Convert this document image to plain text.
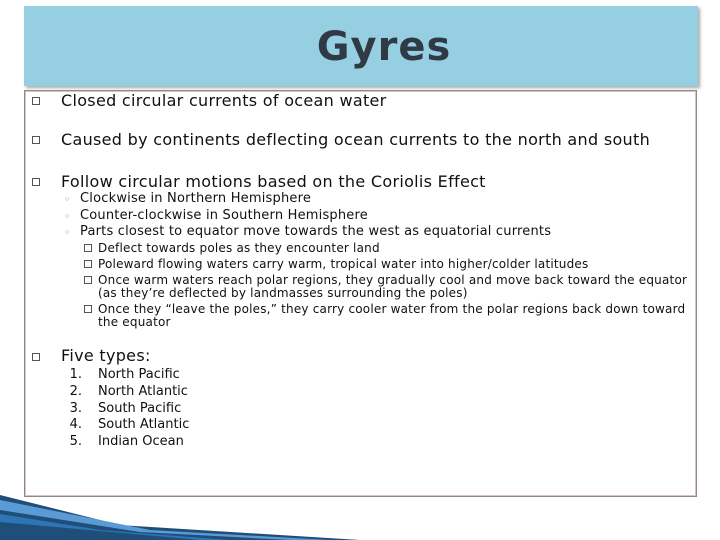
Gyres
Closed circular currents of ocean water
Caused by continents deflecting ocean currents to the north and south
Follow circular motions based on the Coriolis Effect
◦ Clockwise in Northern Hemisphere
◦ Counter-clockwise in Southern Hemisphere
◦ Parts closest to equator move towards the west as equatorial currents
Deflect towards poles as they encounter land
Poleward flowing waters carry warm, tropical water into higher/colder latitudes
Once warm waters reach polar regions, they gradually cool and move back toward the equator (as they’re deflected by landmasses surrounding the poles)
Once they “leave the poles,” they carry cooler water from the polar regions back down toward the equator
Five types:
1. North Pacific
2. North Atlantic
3. South Pacific
4. South Atlantic
5. Indian Ocean
